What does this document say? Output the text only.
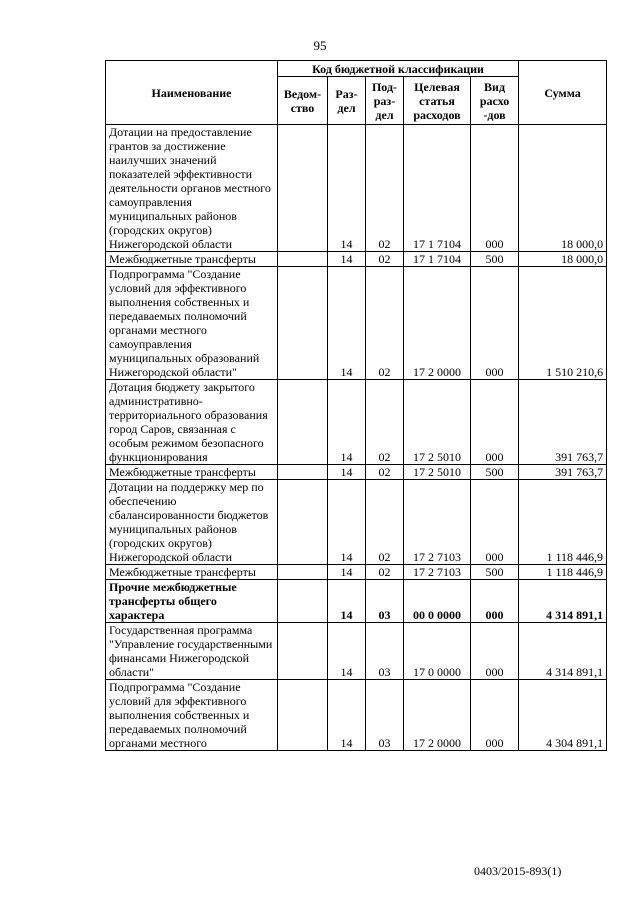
95
Наименование	Код бюджетной классификации					Сумма
	Ведом-ство	Раз-дел	Под-раз-дел	Целевая статья расходов	Вид расхо -дов	
Дотации на предоставление грантов за достижение наилучших значений показателей эффективности деятельности органов местного самоуправления муниципальных районов (городских округов) Нижегородской области		14	02	17 1 7104	000	18 000,0
Межбюджетные трансферты		14	02	17 1 7104	500	18 000,0
Подпрограмма "Создание условий для эффективного выполнения собственных и передаваемых полномочий органами местного самоуправления муниципальных образований Нижегородской области"		14	02	17 2 0000	000	1 510 210,6
Дотация бюджету закрытого административно-территориального образования город Саров, связанная с особым режимом безопасного функционирования		14	02	17 2 5010	000	391 763,7
Межбюджетные трансферты		14	02	17 2 5010	500	391 763,7
Дотации на поддержку мер по обеспечению сбалансированности бюджетов муниципальных районов (городских округов) Нижегородской области		14	02	17 2 7103	000	1 118 446,9
Межбюджетные трансферты		14	02	17 2 7103	500	1 118 446,9
Прочие межбюджетные трансферты общего характера		14	03	00 0 0000	000	4 314 891,1
Государственная программа "Управление государственными финансами Нижегородской области"		14	03	17 0 0000	000	4 314 891,1
Подпрограмма "Создание условий для эффективного выполнения собственных и передаваемых полномочий органами местного		14	03	17 2 0000	000	4 304 891,1
0403/2015-893(1)
